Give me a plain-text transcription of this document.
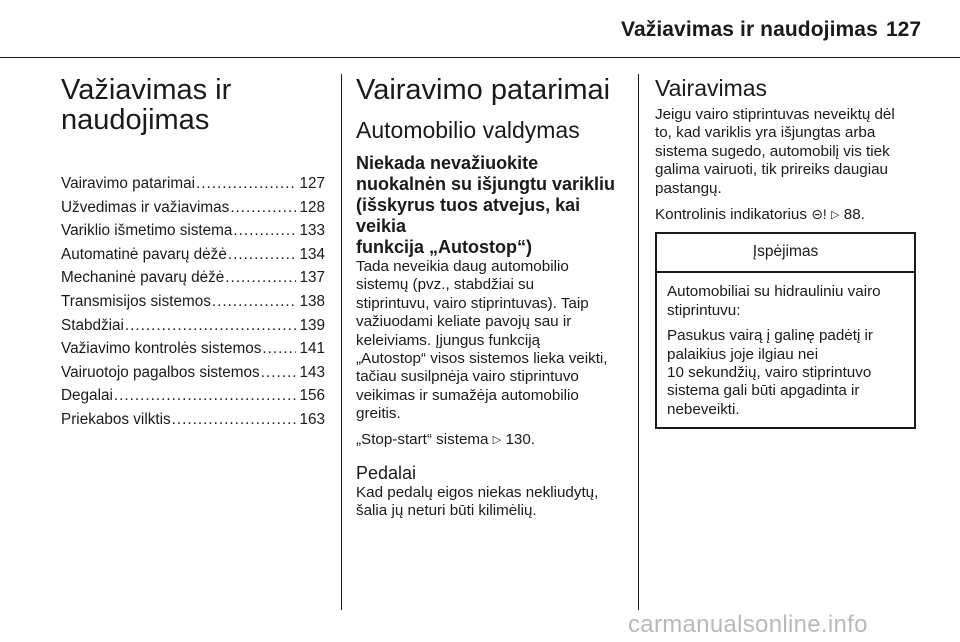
Važiavimas ir naudojimas 127
Važiavimas ir
naudojimas
Vairavimo patarimai .....	127
Užvedimas ir važiavimas .....	128
Variklio išmetimo sistema .....	133
Automatinė pavarų dėžė .....	134
Mechaninė pavarų dėžė .....	137
Transmisijos sistemos .....	138
Stabdžiai .....	139
Važiavimo kontrolės sistemos ..... 141
Vairuotojo pagalbos sistemos .....	143
Degalai .....	156
Priekabos vilktis .....	163
Vairavimo patarimai
Automobilio valdymas
Niekada nevažiuokite
nuokalnėn su išjungtu varikliu
(išskyrus tuos atvejus, kai veikia
funkcija „Autostop“)

Tada neveikia daug automobilio
sistemų (pvz., stabdžiai su
stiprintuvu, vairo stiprintuvas). Taip
važiuodami keliate pavojų sau ir
keleiviams. Įjungus funkciją
„Autostop“ visos sistemos lieka veikti,
tačiau susilpnėja vairo stiprintuvo
veikimas ir sumažėja automobilio
greitis.

„Stop-start“ sistema ▷ 130.

Pedalai

Kad pedalų eigos niekas nekliudytų,
šalia jų neturi būti kilimėlių.

Vairavimas

Jeigu vairo stiprintuvas neveiktų dėl
to, kad variklis yra išjungtas arba
sistema sugedo, automobilį vis tiek
galima vairuoti, tik prireiks daugiau
pastangų.

Kontrolinis indikatorius ⊝! ▷ 88.

Įspėjimas

Automobiliai su hidrauliniu vairo
stiprintuvu:

Pasukus vairą į galinę padėtį ir
palaikius joje ilgiau nei
10 sekundžių, vairo stiprintuvo
sistema gali būti apgadinta ir
nebeveikti.

carmanualsonline.info
